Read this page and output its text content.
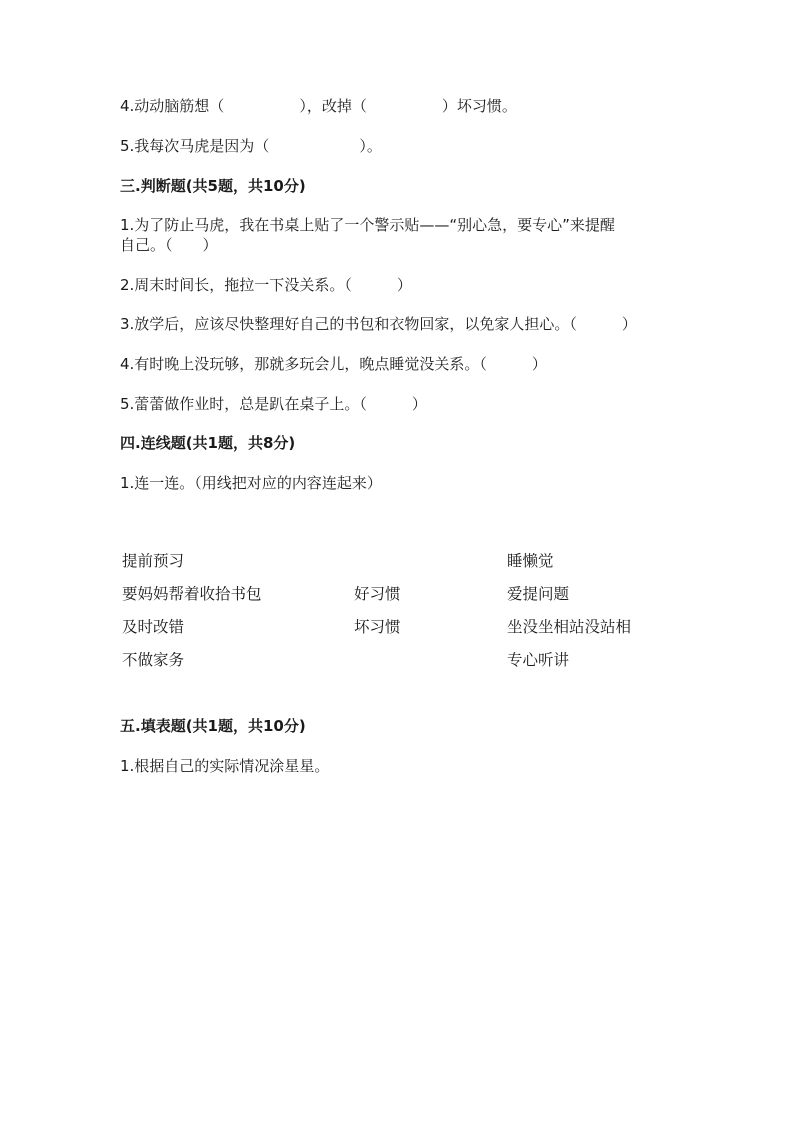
4.动动脑筋想（　　　　　），改掉（　　　　　）坏习惯。
5.我每次马虎是因为（　　　　　　）。
三.判断题(共5题，共10分)
1.为了防止马虎，我在书桌上贴了一个警示贴——“别心急，要专心”来提醒
自己。（　　）
2.周末时间长，拖拉一下没关系。（　　　）
3.放学后，应该尽快整理好自己的书包和衣物回家，以免家人担心。（　　　）
4.有时晚上没玩够，那就多玩会儿，晚点睡觉没关系。（　　　）
5.蕾蕾做作业时，总是趴在桌子上。（　　　）
四.连线题(共1题，共8分)
1.连一连。（用线把对应的内容连起来）
提前预习
要妈妈帮着收拾书包
及时改错
不做家务
好习惯
坏习惯
睡懒觉
爱提问题
坐没坐相站没站相
专心听讲
五.填表题(共1题，共10分)
1.根据自己的实际情况涂星星。
